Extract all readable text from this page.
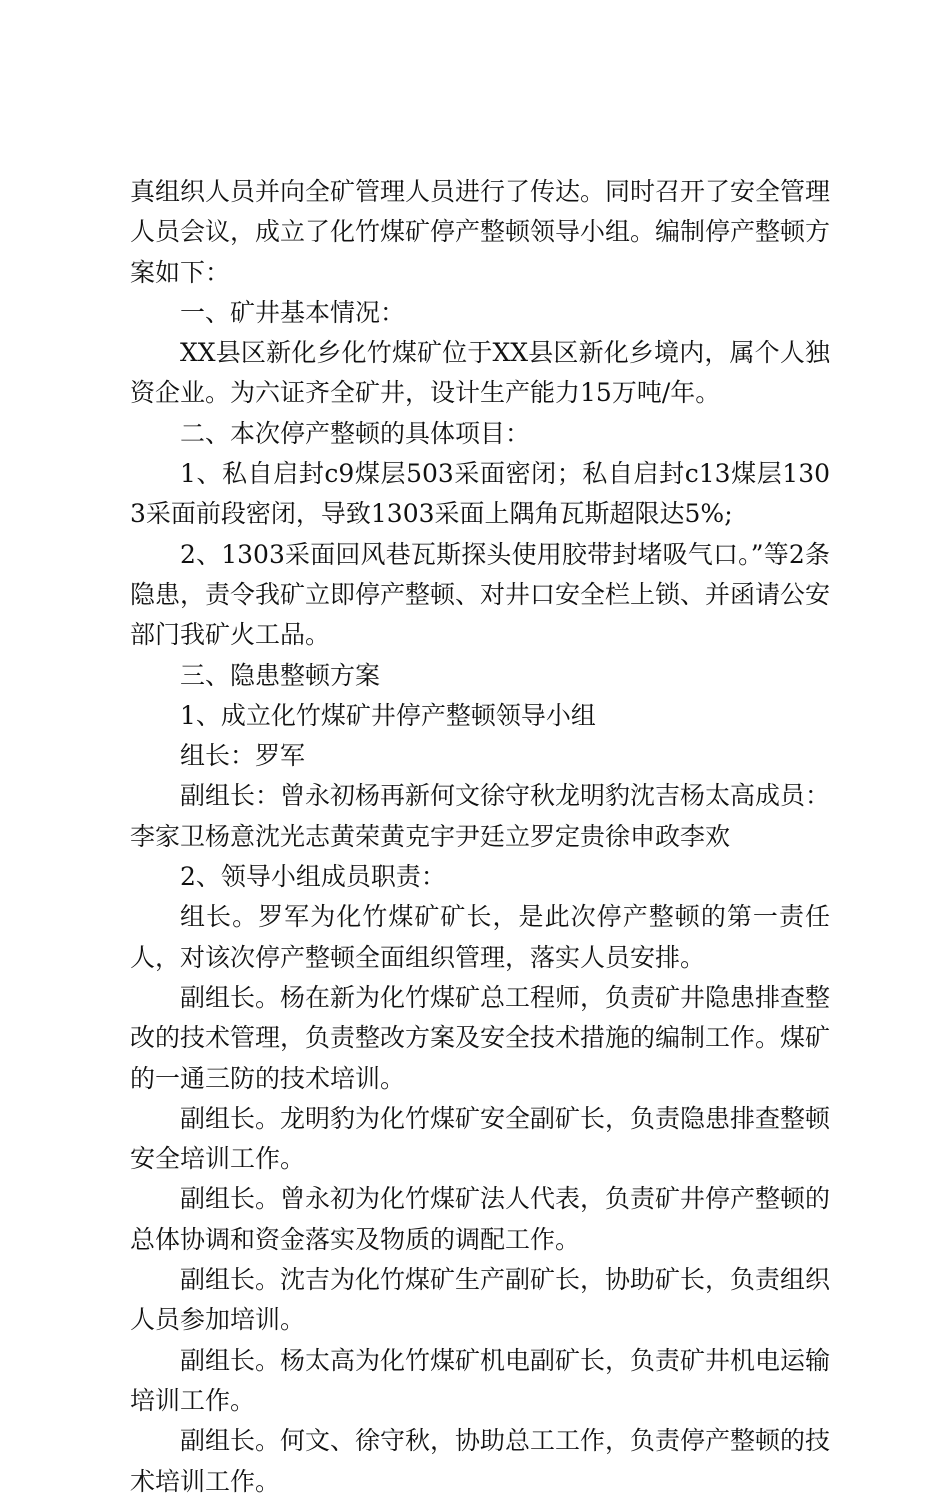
真组织人员并向全矿管理人员进行了传达。同时召开了安全管理人员会议，成立了化竹煤矿停产整顿领导小组。编制停产整顿方案如下：

一、矿井基本情况：

XX县区新化乡化竹煤矿位于XX县区新化乡境内，属个人独资企业。为六证齐全矿井，设计生产能力15万吨/年。

二、本次停产整顿的具体项目：

1、私自启封c9煤层503采面密闭；私自启封c13煤层1303采面前段密闭，导致1303采面上隅角瓦斯超限达5%;

2、1303采面回风巷瓦斯探头使用胶带封堵吸气口。”等2条隐患，责令我矿立即停产整顿、对井口安全栏上锁、并函请公安部门我矿火工品。

三、隐患整顿方案

1、成立化竹煤矿井停产整顿领导小组

组长：罗军

副组长：曾永初杨再新何文徐守秋龙明豹沈吉杨太高成员：李家卫杨意沈光志黄荣黄克宇尹廷立罗定贵徐申政李欢

2、领导小组成员职责：

组长。罗军为化竹煤矿矿长，是此次停产整顿的第一责任人，对该次停产整顿全面组织管理，落实人员安排。

副组长。杨在新为化竹煤矿总工程师，负责矿井隐患排查整改的技术管理，负责整改方案及安全技术措施的编制工作。煤矿的一通三防的技术培训。

副组长。龙明豹为化竹煤矿安全副矿长，负责隐患排查整顿安全培训工作。

副组长。曾永初为化竹煤矿法人代表，负责矿井停产整顿的总体协调和资金落实及物质的调配工作。

副组长。沈吉为化竹煤矿生产副矿长，协助矿长，负责组织人员参加培训。

副组长。杨太高为化竹煤矿机电副矿长，负责矿井机电运输培训工作。

副组长。何文、徐守秋，协助总工工作，负责停产整顿的技术培训工作。
